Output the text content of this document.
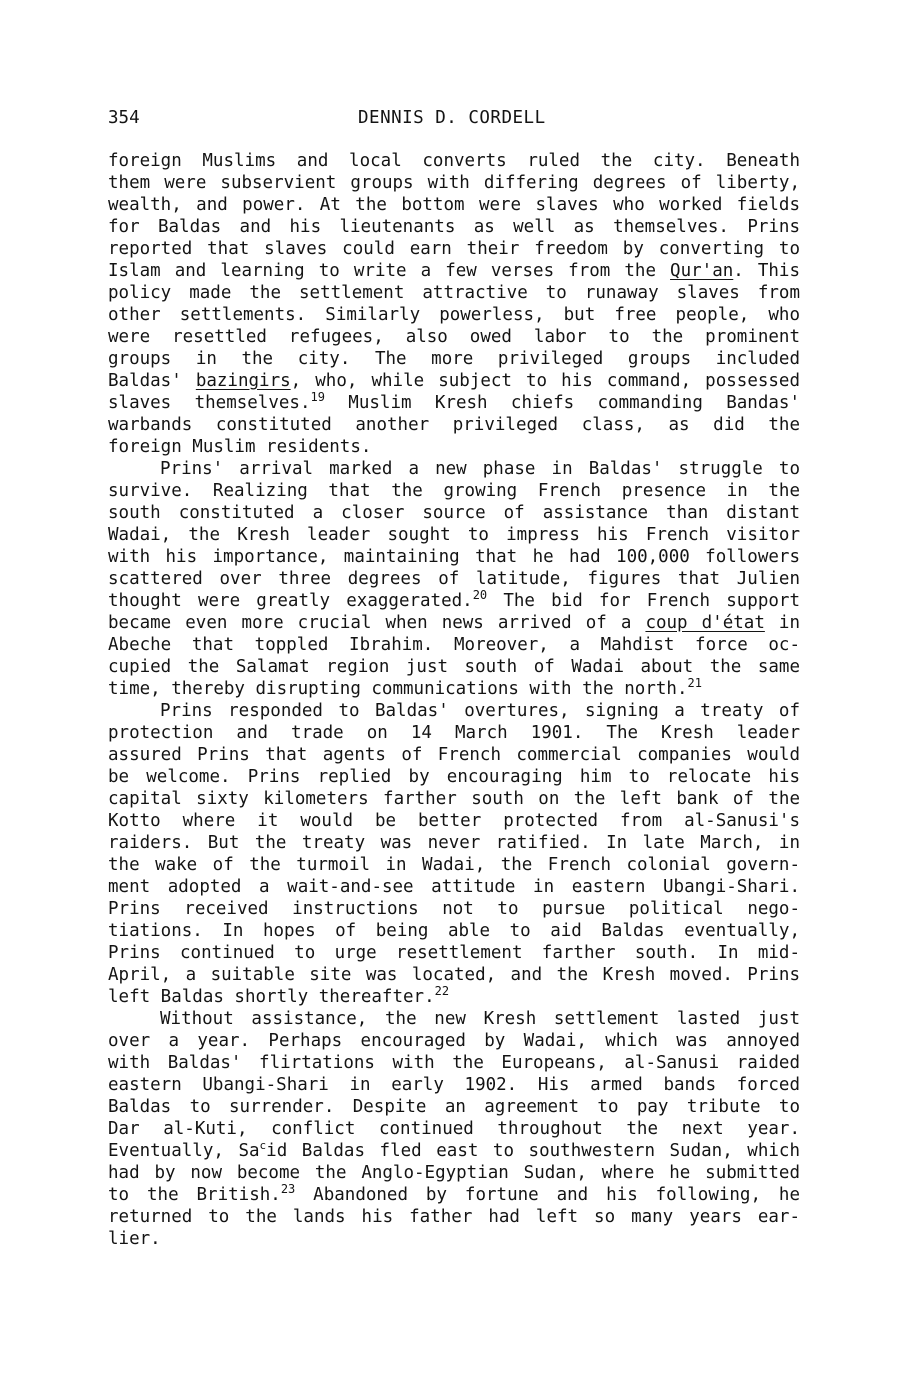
354	DENNIS D. CORDELL
foreign Muslims and local converts ruled the city. Beneath
them were subservient groups with differing degrees of liberty,
wealth, and power. At the bottom were slaves who worked fields
for Baldas and his lieutenants as well as themselves. Prins
reported that slaves could earn their freedom by converting to
Islam and learning to write a few verses from the Qur'an. This
policy made the settlement attractive to runaway slaves from
other settlements. Similarly powerless, but free people, who
were resettled refugees, also owed labor to the prominent
groups in the city. The more privileged groups included
Baldas' bazingirs, who, while subject to his command, possessed
slaves themselves.$^{19}$ Muslim Kresh chiefs commanding Bandas'
warbands constituted another privileged class, as did the
foreign Muslim residents.
Prins' arrival marked a new phase in Baldas' struggle to
survive. Realizing that the growing French presence in the
south constituted a closer source of assistance than distant
Wadai, the Kresh leader sought to impress his French visitor
with his importance, maintaining that he had 100,000 followers
scattered over three degrees of latitude, figures that Julien
thought were greatly exaggerated.$^{20}$ The bid for French support
became even more crucial when news arrived of a coup d'état in
Abeche that toppled Ibrahim. Moreover, a Mahdist force oc-
cupied the Salamat region just south of Wadai about the same
time, thereby disrupting communications with the north.$^{21}$
Prins responded to Baldas' overtures, signing a treaty of
protection and trade on 14 March 1901. The Kresh leader
assured Prins that agents of French commercial companies would
be welcome. Prins replied by encouraging him to relocate his
capital sixty kilometers farther south on the left bank of the
Kotto where it would be better protected from al-Sanusi's
raiders. But the treaty was never ratified. In late March, in
the wake of the turmoil in Wadai, the French colonial govern-
ment adopted a wait-and-see attitude in eastern Ubangi-Shari.
Prins received instructions not to pursue political nego-
tiations. In hopes of being able to aid Baldas eventually,
Prins continued to urge resettlement farther south. In mid-
April, a suitable site was located, and the Kresh moved. Prins
left Baldas shortly thereafter.$^{22}$
Without assistance, the new Kresh settlement lasted just
over a year. Perhaps encouraged by Wadai, which was annoyed
with Baldas' flirtations with the Europeans, al-Sanusi raided
eastern Ubangi-Shari in early 1902. His armed bands forced
Baldas to surrender. Despite an agreement to pay tribute to
Dar al-Kuti, conflict continued throughout the next year.
Eventually, Sa$^c$id Baldas fled east to southwestern Sudan, which
had by now become the Anglo-Egyptian Sudan, where he submitted
to the British.$^{23}$ Abandoned by fortune and his following, he
returned to the lands his father had left so many years ear-
lier.
